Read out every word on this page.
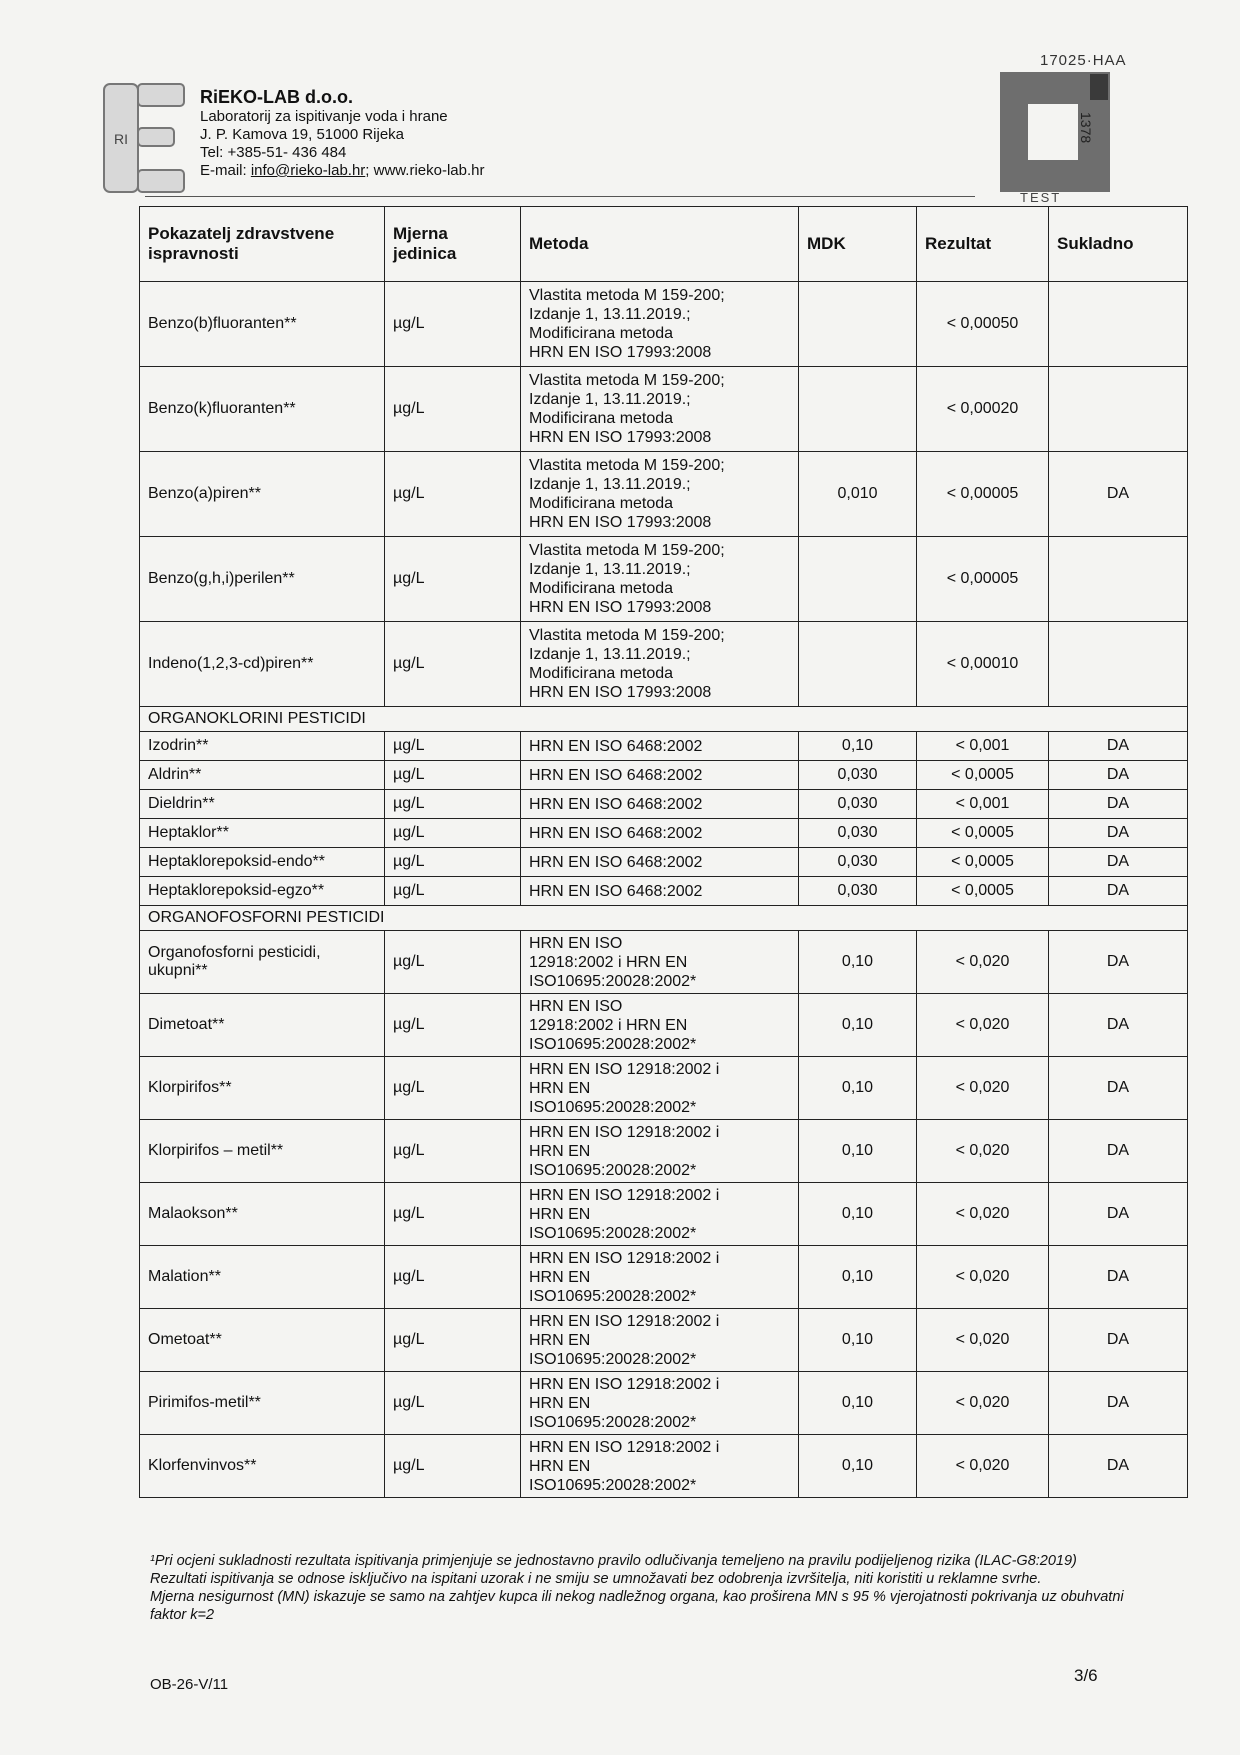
RI
RiEKO-LAB d.o.o.
Laboratorij za ispitivanje voda i hrane
J. P. Kamova 19, 51000 Rijeka
Tel: +385-51- 436 484
E-mail: info@rieko-lab.hr; www.rieko-lab.hr
17025·HAA
1378
TEST
Pokazatelj zdravstvene ispravnosti	Mjerna jedinica	Metoda	MDK	Rezultat	Sukladno
Benzo(b)fluoranten**	µg/L	Vlastita metoda M 159-200;
Izdanje 1, 13.11.2019.;
Modificirana metoda
HRN EN ISO 17993:2008		< 0,00050	
Benzo(k)fluoranten**	µg/L	Vlastita metoda M 159-200;
Izdanje 1, 13.11.2019.;
Modificirana metoda
HRN EN ISO 17993:2008		< 0,00020	
Benzo(a)piren**	µg/L	Vlastita metoda M 159-200;
Izdanje 1, 13.11.2019.;
Modificirana metoda
HRN EN ISO 17993:2008	0,010	< 0,00005	DA
Benzo(g,h,i)perilen**	µg/L	Vlastita metoda M 159-200;
Izdanje 1, 13.11.2019.;
Modificirana metoda
HRN EN ISO 17993:2008		< 0,00005	
Indeno(1,2,3-cd)piren**	µg/L	Vlastita metoda M 159-200;
Izdanje 1, 13.11.2019.;
Modificirana metoda
HRN EN ISO 17993:2008		< 0,00010	
ORGANOKLORINI PESTICIDI					
Izodrin**	µg/L	HRN EN ISO 6468:2002	0,10	< 0,001	DA
Aldrin**	µg/L	HRN EN ISO 6468:2002	0,030	< 0,0005	DA
Dieldrin**	µg/L	HRN EN ISO 6468:2002	0,030	< 0,001	DA
Heptaklor**	µg/L	HRN EN ISO 6468:2002	0,030	< 0,0005	DA
Heptaklorepoksid-endo**	µg/L	HRN EN ISO 6468:2002	0,030	< 0,0005	DA
Heptaklorepoksid-egzo**	µg/L	HRN EN ISO 6468:2002	0,030	< 0,0005	DA
ORGANOFOSFORNI PESTICIDI					
Organofosforni pesticidi, ukupni**	µg/L	HRN EN ISO
12918:2002 i HRN EN
ISO10695:20028:2002*	0,10	< 0,020	DA
Dimetoat**	µg/L	HRN EN ISO
12918:2002 i HRN EN
ISO10695:20028:2002*	0,10	< 0,020	DA
Klorpirifos**	µg/L	HRN EN ISO 12918:2002 i
HRN EN
ISO10695:20028:2002*	0,10	< 0,020	DA
Klorpirifos – metil**	µg/L	HRN EN ISO 12918:2002 i
HRN EN
ISO10695:20028:2002*	0,10	< 0,020	DA
Malaokson**	µg/L	HRN EN ISO 12918:2002 i
HRN EN
ISO10695:20028:2002*	0,10	< 0,020	DA
Malation**	µg/L	HRN EN ISO 12918:2002 i
HRN EN
ISO10695:20028:2002*	0,10	< 0,020	DA
Ometoat**	µg/L	HRN EN ISO 12918:2002 i
HRN EN
ISO10695:20028:2002*	0,10	< 0,020	DA
Pirimifos-metil**	µg/L	HRN EN ISO 12918:2002 i
HRN EN
ISO10695:20028:2002*	0,10	< 0,020	DA
Klorfenvinvos**	µg/L	HRN EN ISO 12918:2002 i
HRN EN
ISO10695:20028:2002*	0,10	< 0,020	DA
¹Pri ocjeni sukladnosti rezultata ispitivanja primjenjuje se jednostavno pravilo odlučivanja temeljeno na pravilu podijeljenog rizika (ILAC-G8:2019)
Rezultati ispitivanja se odnose isključivo na ispitani uzorak i ne smiju se umnožavati bez odobrenja izvršitelja, niti koristiti u reklamne svrhe.
Mjerna nesigurnost (MN) iskazuje se samo na zahtjev kupca ili nekog nadležnog organa, kao proširena MN s 95 % vjerojatnosti pokrivanja uz obuhvatni faktor k=2
OB-26-V/11	3/6
